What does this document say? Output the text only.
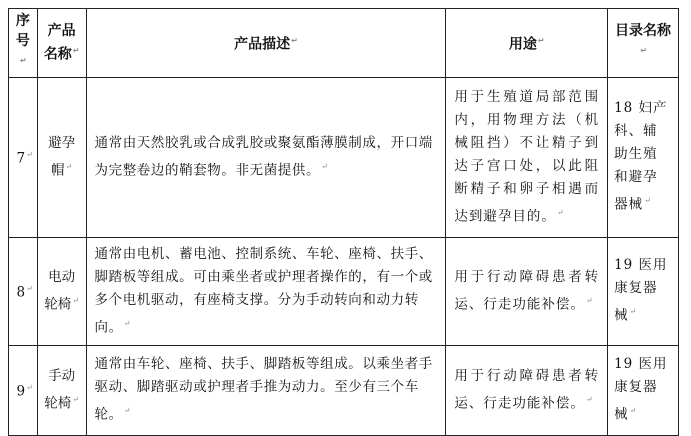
序号↵	产品名称↵	产品描述↵	用途↵	目录名称↵
7↵	避孕帽↵	通常由天然胶乳或合成乳胶或聚氨酯薄膜制成，开口端为完整卷边的鞘套物。非无菌提供。↵	用于生殖道局部范围内，用物理方法（机械阻挡）不让精子到达子宫口处，以此阻断精子和卵子相遇而达到避孕目的。↵	18 妇产科、辅助生殖和避孕器械↵
8↵	电动轮椅↵	通常由电机、蓄电池、控制系统、车轮、座椅、扶手、脚踏板等组成。可由乘坐者或护理者操作的，有一个或多个电机驱动，有座椅支撑。分为手动转向和动力转向。↵	用于行动障碍患者转运、行走功能补偿。↵	19 医用康复器械↵
9↵	手动轮椅↵	通常由车轮、座椅、扶手、脚踏板等组成。以乘坐者手驱动、脚踏驱动或护理者手推为动力。至少有三个车轮。↵	用于行动障碍患者转运、行走功能补偿。↵	19 医用康复器械↵
